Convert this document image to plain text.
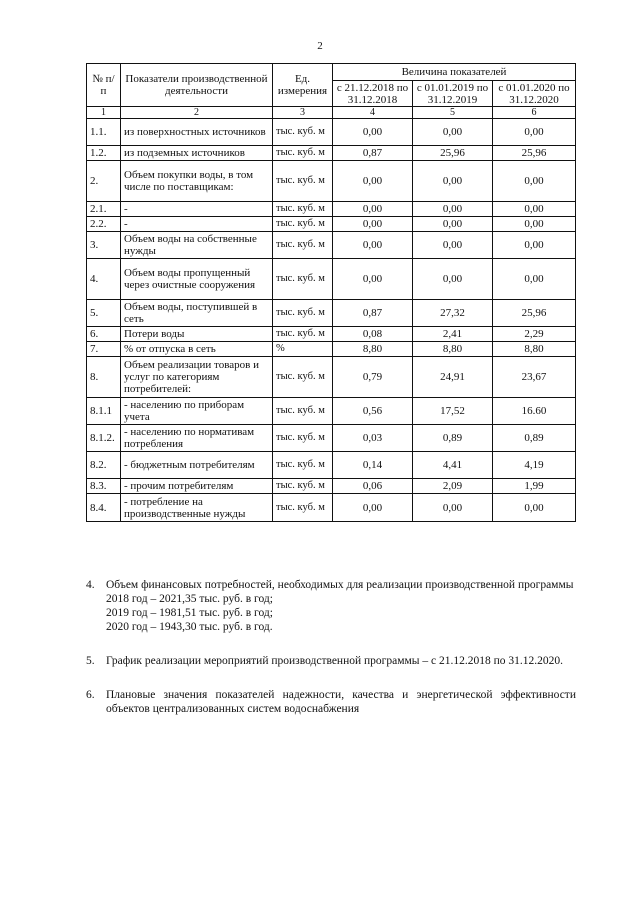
2
№ п/п	Показатели производственной деятельности	Ед. измерения	Величина показателей		
			с 21.12.2018 по 31.12.2018	с 01.01.2019 по 31.12.2019	с 01.01.2020 по 31.12.2020
1	2	3	4	5	6
1.1.	из поверхностных источников	тыс. куб. м	0,00	0,00	0,00
1.2.	из подземных источников	тыс. куб. м	0,87	25,96	25,96
2.	Объем покупки воды, в том числе по поставщикам:	тыс. куб. м	0,00	0,00	0,00
2.1.	-	тыс. куб. м	0,00	0,00	0,00
2.2.	-	тыс. куб. м	0,00	0,00	0,00
3.	Объем воды на собственные нужды	тыс. куб. м	0,00	0,00	0,00
4.	Объем воды пропущенный через очистные сооружения	тыс. куб. м	0,00	0,00	0,00
5.	Объем воды, поступившей в сеть	тыс. куб. м	0,87	27,32	25,96
6.	Потери воды	тыс. куб. м	0,08	2,41	2,29
7.	% от отпуска в сеть	%	8,80	8,80	8,80
8.	Объем реализации товаров и услуг по категориям потребителей:	тыс. куб. м	0,79	24,91	23,67
8.1.1	- населению по приборам учета	тыс. куб. м	0,56	17,52	16.60
8.1.2.	- населению по нормативам потребления	тыс. куб. м	0,03	0,89	0,89
8.2.	- бюджетным потребителям	тыс. куб. м	0,14	4,41	4,19
8.3.	- прочим потребителям	тыс. куб. м	0,06	2,09	1,99
8.4.	- потребление на производственные нужды	тыс. куб. м	0,00	0,00	0,00
4. Объем финансовых потребностей, необходимых для реализации производственной программы
2018 год – 2021,35 тыс. руб. в год;
2019 год – 1981,51 тыс. руб. в год;
2020 год – 1943,30 тыс. руб. в год.
5. График реализации мероприятий производственной программы – с 21.12.2018 по 31.12.2020.
6. Плановые значения показателей надежности, качества и энергетической эффективности объектов централизованных систем водоснабжения
